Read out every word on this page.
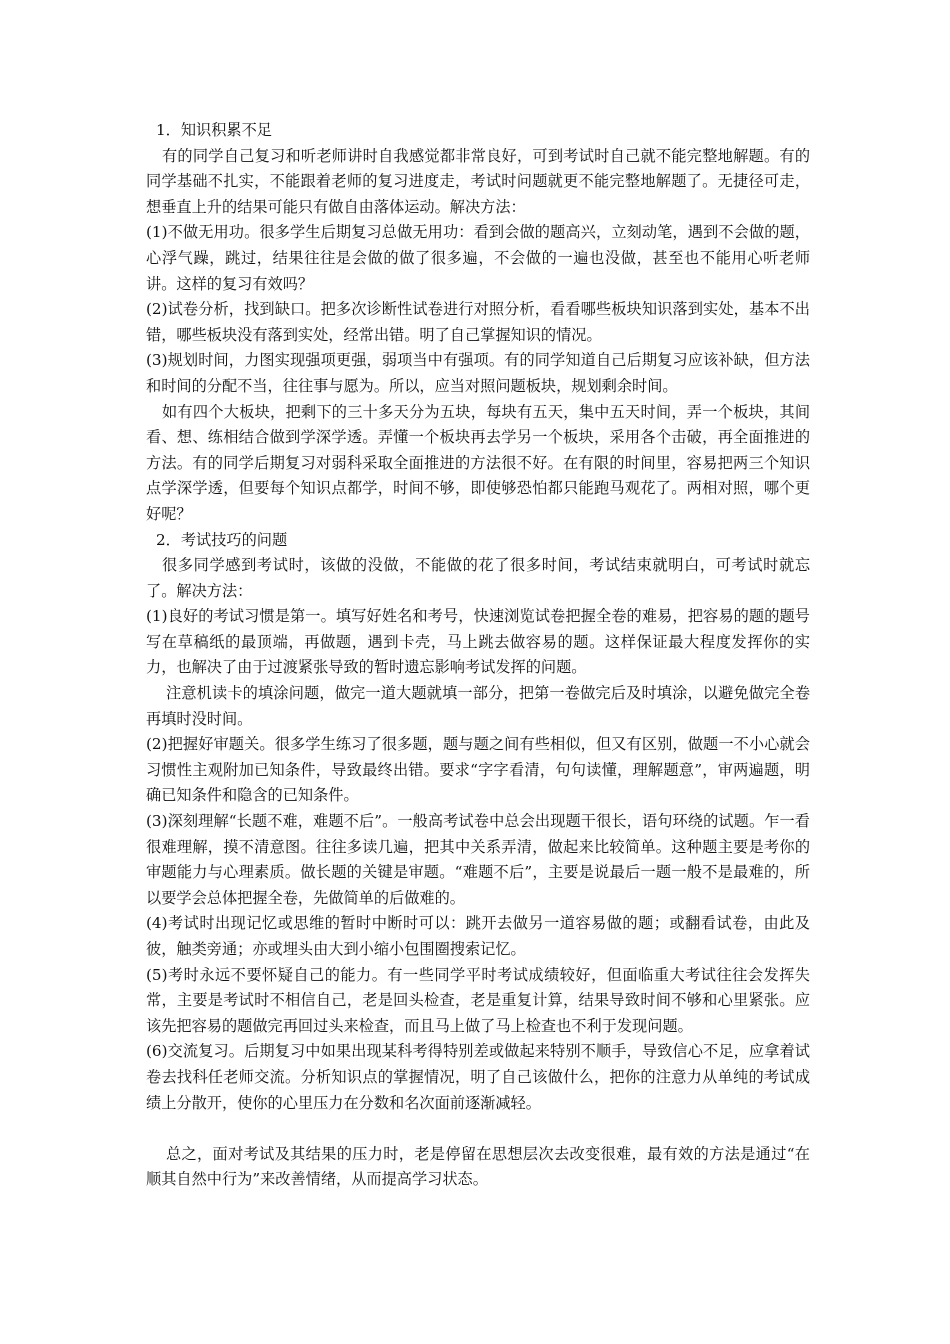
1．知识积累不足

有的同学自己复习和听老师讲时自我感觉都非常良好，可到考试时自己就不能完整地解题。有的同学基础不扎实，不能跟着老师的复习进度走，考试时问题就更不能完整地解题了。无捷径可走，想垂直上升的结果可能只有做自由落体运动。解决方法：

(1)不做无用功。很多学生后期复习总做无用功：看到会做的题高兴，立刻动笔，遇到不会做的题，心浮气躁，跳过，结果往往是会做的做了很多遍，不会做的一遍也没做，甚至也不能用心听老师讲。这样的复习有效吗？

(2)试卷分析，找到缺口。把多次诊断性试卷进行对照分析，看看哪些板块知识落到实处，基本不出错，哪些板块没有落到实处，经常出错。明了自己掌握知识的情况。

(3)规划时间，力图实现强项更强，弱项当中有强项。有的同学知道自己后期复习应该补缺，但方法和时间的分配不当，往往事与愿为。所以，应当对照问题板块，规划剩余时间。

如有四个大板块，把剩下的三十多天分为五块，每块有五天，集中五天时间，弄一个板块，其间看、想、练相结合做到学深学透。弄懂一个板块再去学另一个板块，采用各个击破，再全面推进的方法。有的同学后期复习对弱科采取全面推进的方法很不好。在有限的时间里，容易把两三个知识点学深学透，但要每个知识点都学，时间不够，即使够恐怕都只能跑马观花了。两相对照，哪个更好呢？

2．考试技巧的问题

很多同学感到考试时，该做的没做，不能做的花了很多时间，考试结束就明白，可考试时就忘了。解决方法：

(1)良好的考试习惯是第一。填写好姓名和考号，快速浏览试卷把握全卷的难易，把容易的题的题号写在草稿纸的最顶端，再做题，遇到卡壳，马上跳去做容易的题。这样保证最大程度发挥你的实力，也解决了由于过渡紧张导致的暂时遗忘影响考试发挥的问题。

注意机读卡的填涂问题，做完一道大题就填一部分，把第一卷做完后及时填涂，以避免做完全卷再填时没时间。

(2)把握好审题关。很多学生练习了很多题，题与题之间有些相似，但又有区别，做题一不小心就会习惯性主观附加已知条件，导致最终出错。要求“字字看清，句句读懂，理解题意”，审两遍题，明确已知条件和隐含的已知条件。

(3)深刻理解“长题不难，难题不后”。一般高考试卷中总会出现题干很长，语句环绕的试题。乍一看很难理解，摸不清意图。往往多读几遍，把其中关系弄清，做起来比较简单。这种题主要是考你的审题能力与心理素质。做长题的关键是审题。“难题不后”，主要是说最后一题一般不是最难的，所以要学会总体把握全卷，先做简单的后做难的。

(4)考试时出现记忆或思维的暂时中断时可以：跳开去做另一道容易做的题；或翻看试卷，由此及彼，触类旁通；亦或埋头由大到小缩小包围圈搜索记忆。

(5)考时永远不要怀疑自己的能力。有一些同学平时考试成绩较好，但面临重大考试往往会发挥失常，主要是考试时不相信自己，老是回头检查，老是重复计算，结果导致时间不够和心里紧张。应该先把容易的题做完再回过头来检查，而且马上做了马上检查也不利于发现问题。

(6)交流复习。后期复习中如果出现某科考得特别差或做起来特别不顺手，导致信心不足，应拿着试卷去找科任老师交流。分析知识点的掌握情况，明了自己该做什么，把你的注意力从单纯的考试成绩上分散开，使你的心里压力在分数和名次面前逐渐减轻。

总之，面对考试及其结果的压力时，老是停留在思想层次去改变很难，最有效的方法是通过“在顺其自然中行为”来改善情绪，从而提高学习状态。
